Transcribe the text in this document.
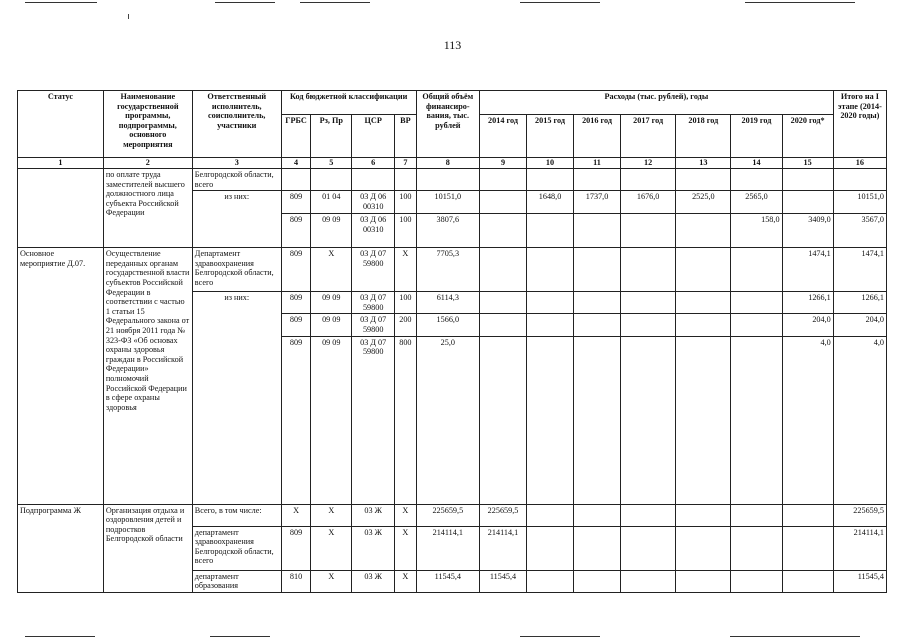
113
Статус	Наименование государственной программы, подпрограммы, основного мероприятия	Ответственный исполнитель, соисполнитель, участники	Код бюджетной классификации				Общий объём финансиро-вания, тыс. рублей	Расходы (тыс. рублей), годы							Итого на I этапе (2014-2020 годы)
			ГРБС	Рз, Пр	ЦСР	ВР		2014 год	2015 год	2016 год	2017 год	2018 год	2019 год	2020 год*	
1	2	3	4	5	6	7	8	9	10	11	12	13	14	15	16
	по оплате труда заместителей высшего должностного лица субъекта Российской Федерации	Белгородской области, всего													
		из них:	809	01 04	03 Д 06 00310	100	10151,0		1648,0	1737,0	1676,0	2525,0	2565,0		10151,0
			809	09 09	03 Д 06 00310	100	3807,6						158,0	3409,0	3567,0
Основное мероприятие Д.07.	Осуществление переданных органам государственной власти субъектов Российской Федерации в соответствии с частью 1 статьи 15 Федерального закона от 21 ноября 2011 года № 323-ФЗ «Об основах охраны здоровья граждан в Российской Федерации» полномочий Российской Федерации в сфере охраны здоровья	Департамент здравоохранения Белгородской области, всего	809	Х	03 Д 07 59800	Х	7705,3							1474,1	1474,1
		из них:	809	09 09	03 Д 07 59800	100	6114,3							1266,1	1266,1
			809	09 09	03 Д 07 59800	200	1566,0							204,0	204,0
			809	09 09	03 Д 07 59800	800	25,0							4,0	4,0
Подпрограмма Ж	Организация отдыха и оздоровления детей и подростков Белгородской области	Всего, в том числе:	Х	Х	03 Ж	Х	225659,5	225659,5							225659,5
		департамент здравоохранения Белгородской области, всего	809	Х	03 Ж	Х	214114,1	214114,1							214114,1
		департамент образования	810	Х	03 Ж	Х	11545,4	11545,4							11545,4
